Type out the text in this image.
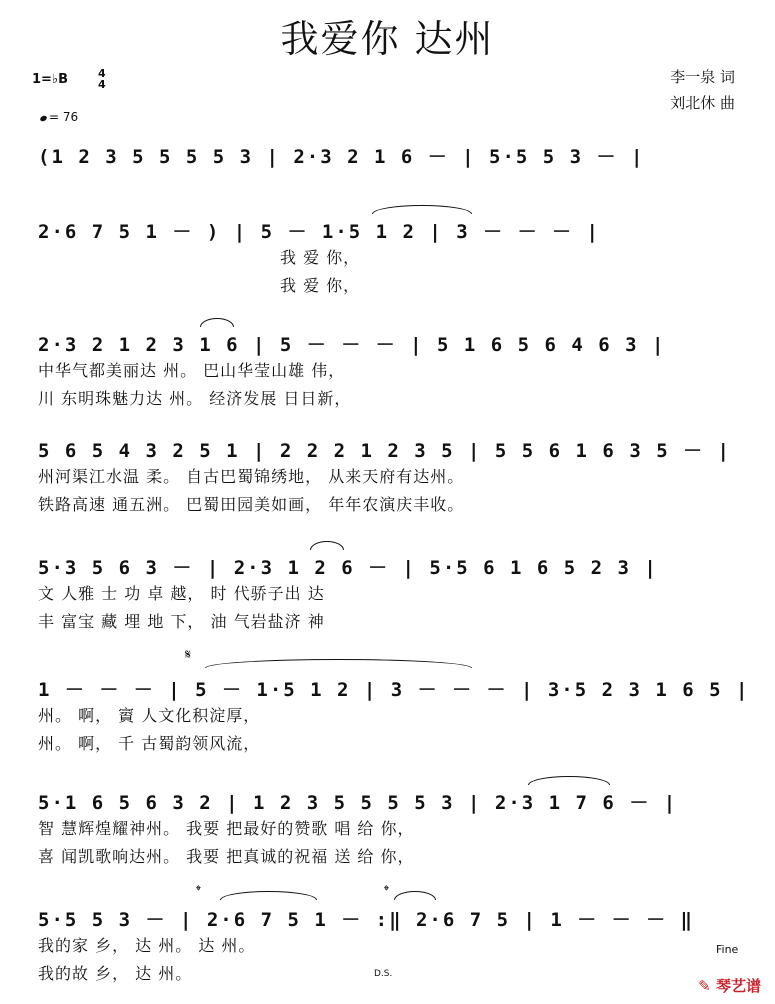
我爱你 达州
李一泉 词
刘北休 曲
1=♭B	4
4
= 76
(1 2 3 5 5 5 5 3 | 2·3 2 1 6 － | 5·5 5 3 － |
2·6 7 5 1 － ) | 5 － 1·5 1 2 | 3 － － － |
我 爱 你，
我 爱 你，
2·3 2 1 2 3 1 6 | 5 － － － | 5 1 6 5 6 4 6 3 |
中华气都美丽达 州。 巴山华莹山雄 伟，
川 东明珠魅力达 州。 经济发展 日日新，
5 6 5 4 3 2 5 1 | 2 2 2 1 2 3 5 | 5 5 6 1 6 3 5 － |
州河渠江水温 柔。 自古巴蜀锦绣地， 从来天府有达州。
铁路高速 通五洲。 巴蜀田园美如画， 年年农演庆丰收。
5·3 5 6 3 － | 2·3 1 2 6 － | 5·5 6 1 6 5 2 3 |
文 人雅 士 功 卓 越， 时 代骄子出 达
丰 富宝 藏 埋 地 下， 油 气岩盐济 神
𝄋
1 － － － | 5 － 1·5 1 2 | 3 － － － | 3·5 2 3 1 6 5 |
州。 啊， 賨 人文化积淀厚，
州。 啊， 千 古蜀韵领风流，
5·1 6 5 6 3 2 | 1 2 3 5 5 5 5 3 | 2·3 1 7 6 － |
智 慧辉煌耀神州。 我要 把最好的赞歌 唱 给 你，
喜 闻凯歌响达州。 我要 把真诚的祝福 送 给 你，
𝄌	𝄌
5·5 5 3 － | 2·6 7 5 1 － :‖ 2·6 7 5 | 1 － － － ‖
我的家 乡， 达 州。 达 州。
我的故 乡， 达 州。
Fine
D.S.
✎ 琴艺谱
